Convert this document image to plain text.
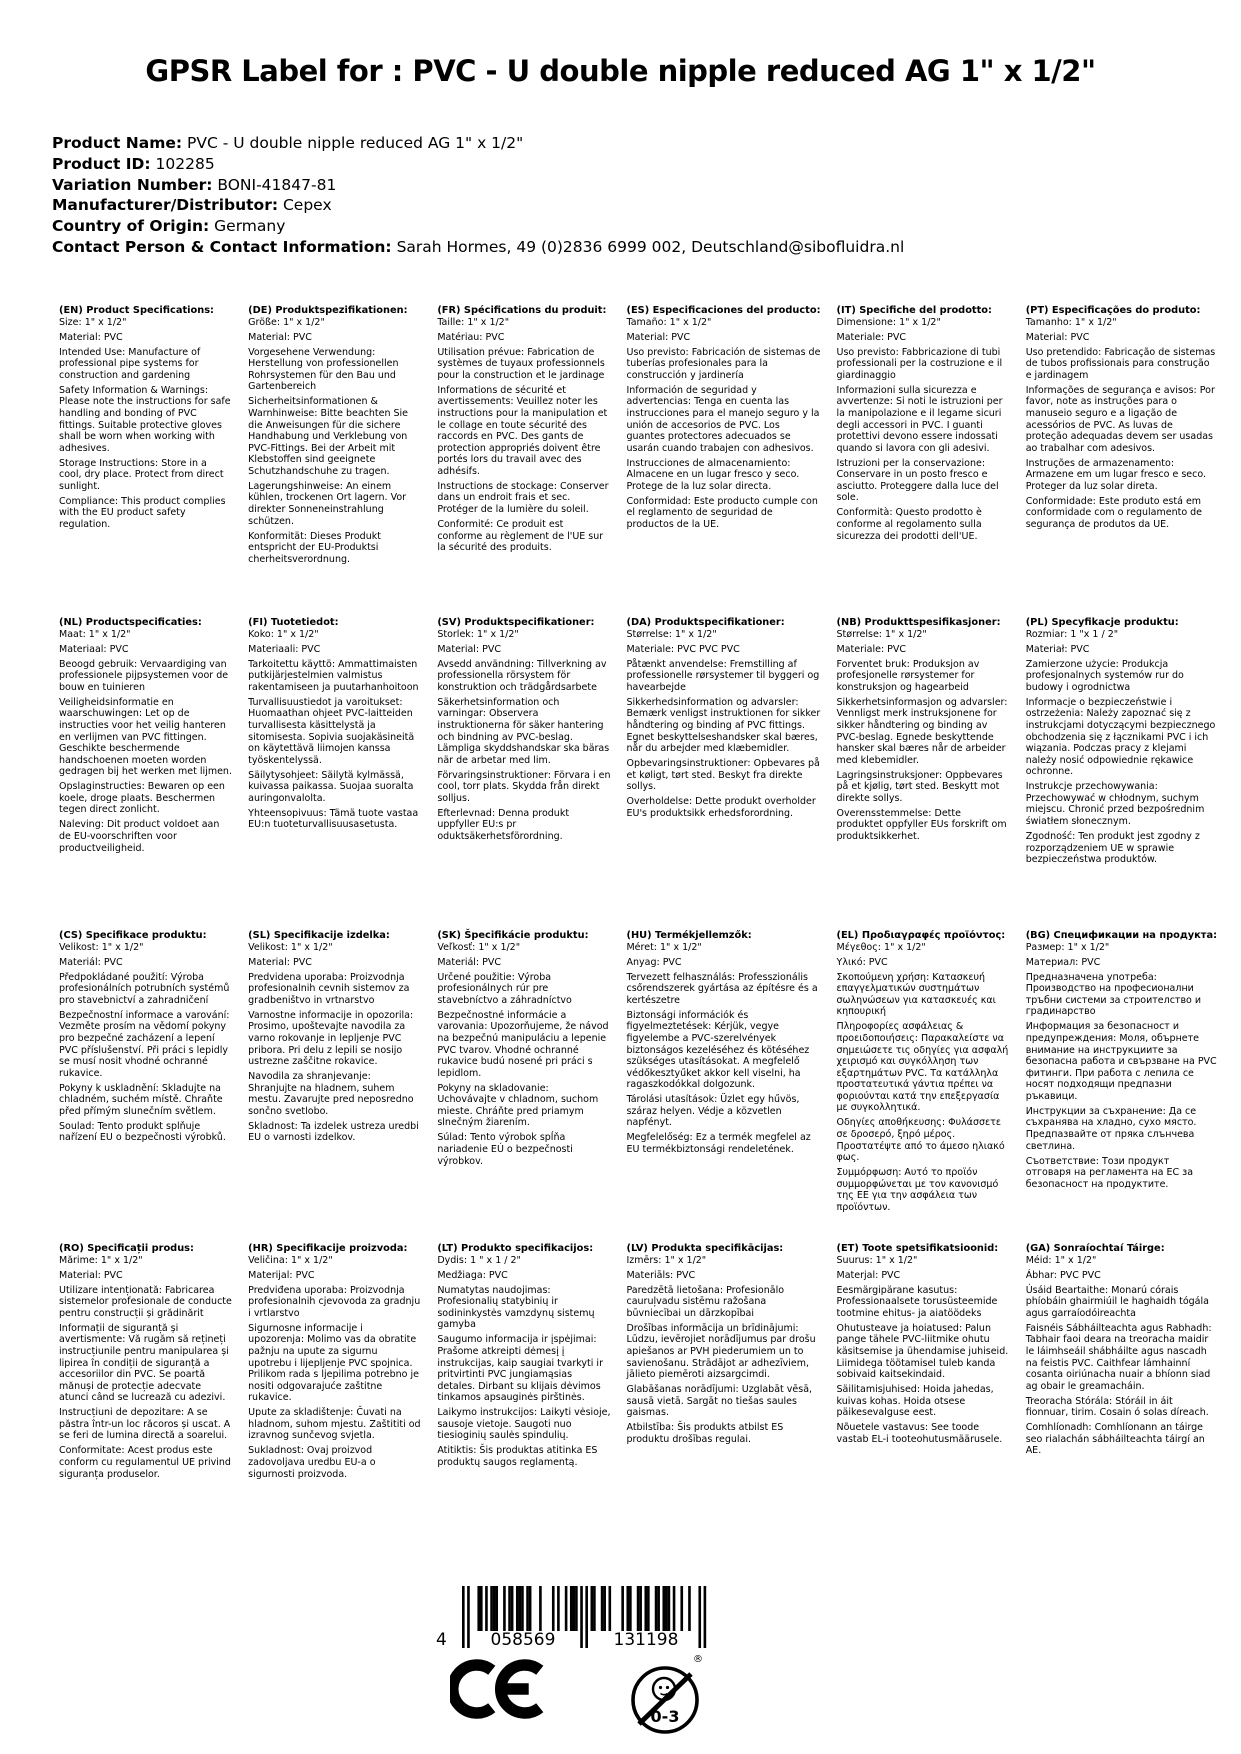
GPSR Label for : PVC - U double nipple reduced AG 1" x 1/2"
Product Name: PVC - U double nipple reduced AG 1" x 1/2"
Product ID: 102285
Variation Number: BONI-41847-81
Manufacturer/Distributor: Cepex
Country of Origin: Germany
Contact Person & Contact Information: Sarah Hormes, 49 (0)2836 6999 002, Deutschland@sibofluidra.nl
(EN) Product Specifications:

Size: 1" x 1/2"

Material: PVC

Intended Use: Manufacture of professional pipe systems for construction and gardening

Safety Information & Warnings: Please note the instructions for safe handling and bonding of PVC fittings. Suitable protective gloves shall be worn when working with adhesives.

Storage Instructions: Store in a cool, dry place. Protect from direct sunlight.

Compliance: This product complies with the EU product safety regulation.

(DE) Produktspezifikationen:

Größe: 1" x 1/2"

Material: PVC

Vorgesehene Verwendung: Herstellung von professionellen Rohrsystemen für den Bau und Gartenbereich

Sicherheitsinformationen & Warnhinweise: Bitte beachten Sie die Anweisungen für die sichere Handhabung und Verklebung von PVC-Fittings. Bei der Arbeit mit Klebstoffen sind geeignete Schutzhandschuhe zu tragen.

Lagerungshinweise: An einem kühlen, trockenen Ort lagern. Vor direkter Sonneneinstrahlung schützen.

Konformität: Dieses Produkt entspricht der EU-Produktsi cherheitsverordnung.

(FR) Spécifications du produit:

Taille: 1" x 1/2"

Matériau: PVC

Utilisation prévue: Fabrication de systèmes de tuyaux professionnels pour la construction et le jardinage

Informations de sécurité et avertissements: Veuillez noter les instructions pour la manipulation et le collage en toute sécurité des raccords en PVC. Des gants de protection appropriés doivent être portés lors du travail avec des adhésifs.

Instructions de stockage: Conserver dans un endroit frais et sec. Protéger de la lumière du soleil.

Conformité: Ce produit est conforme au règlement de l'UE sur la sécurité des produits.

(ES) Especificaciones del producto:

Tamaño: 1" x 1/2"

Material: PVC

Uso previsto: Fabricación de sistemas de tuberías profesionales para la construcción y jardinería

Información de seguridad y advertencias: Tenga en cuenta las instrucciones para el manejo seguro y la unión de accesorios de PVC. Los guantes protectores adecuados se usarán cuando trabajen con adhesivos.

Instrucciones de almacenamiento: Almacene en un lugar fresco y seco. Protege de la luz solar directa.

Conformidad: Este producto cumple con el reglamento de seguridad de productos de la UE.

(IT) Specifiche del prodotto:

Dimensione: 1" x 1/2"

Materiale: PVC

Uso previsto: Fabbricazione di tubi professionali per la costruzione e il giardinaggio

Informazioni sulla sicurezza e avvertenze: Si noti le istruzioni per la manipolazione e il legame sicuri degli accessori in PVC. I guanti protettivi devono essere indossati quando si lavora con gli adesivi.

Istruzioni per la conservazione: Conservare in un posto fresco e asciutto. Proteggere dalla luce del sole.

Conformità: Questo prodotto è conforme al regolamento sulla sicurezza dei prodotti dell'UE.

(PT) Especificações do produto:

Tamanho: 1" x 1/2"

Material: PVC

Uso pretendido: Fabricação de sistemas de tubos profissionais para construção e jardinagem

Informações de segurança e avisos: Por favor, note as instruções para o manuseio seguro e a ligação de acessórios de PVC. As luvas de proteção adequadas devem ser usadas ao trabalhar com adesivos.

Instruções de armazenamento: Armazene em um lugar fresco e seco. Proteger da luz solar direta.

Conformidade: Este produto está em conformidade com o regulamento de segurança de produtos da UE.

(NL) Productspecificaties:

Maat: 1" x 1/2"

Materiaal: PVC

Beoogd gebruik: Vervaardiging van professionele pijpsystemen voor de bouw en tuinieren

Veiligheidsinformatie en waarschuwingen: Let op de instructies voor het veilig hanteren en verlijmen van PVC fittingen. Geschikte beschermende handschoenen moeten worden gedragen bij het werken met lijmen.

Opslaginstructies: Bewaren op een koele, droge plaats. Beschermen tegen direct zonlicht.

Naleving: Dit product voldoet aan de EU-voorschriften voor productveiligheid.

(FI) Tuotetiedot:

Koko: 1" x 1/2"

Materiaali: PVC

Tarkoitettu käyttö: Ammattimaisten putkijärjestelmien valmistus rakentamiseen ja puutarhanhoitoon

Turvallisuustiedot ja varoitukset: Huomaathan ohjeet PVC-laitteiden turvallisesta käsittelystä ja sitomisesta. Sopivia suojakäsineitä on käytettävä liimojen kanssa työskentelyssä.

Säilytysohjeet: Säilytä kylmässä, kuivassa paikassa. Suojaa suoralta auringonvalolta.

Yhteensopivuus: Tämä tuote vastaa EU:n tuoteturvallisuusasetusta.

(SV) Produktspecifikationer:

Storlek: 1" x 1/2"

Material: PVC

Avsedd användning: Tillverkning av professionella rörsystem för konstruktion och trädgårdsarbete

Säkerhetsinformation och varningar: Observera instruktionerna för säker hantering och bindning av PVC-beslag. Lämpliga skyddshandskar ska bäras när de arbetar med lim.

Förvaringsinstruktioner: Förvara i en cool, torr plats. Skydda från direkt solljus.

Efterlevnad: Denna produkt uppfyller EU:s pr oduktsäkerhetsförordning.

(DA) Produktspecifikationer:

Størrelse: 1" x 1/2"

Materiale: PVC PVC PVC

Påtænkt anvendelse: Fremstilling af professionelle rørsystemer til byggeri og havearbejde

Sikkerhedsinformation og advarsler: Bemærk venligst instruktionen for sikker håndtering og binding af PVC fittings. Egnet beskyttelseshandsker skal bæres, når du arbejder med klæbemidler.

Opbevaringsinstruktioner: Opbevares på et køligt, tørt sted. Beskyt fra direkte sollys.

Overholdelse: Dette produkt overholder EU's produktsikk erhedsforordning.

(NB) Produkttspesifikasjoner:

Størrelse: 1" x 1/2"

Materiale: PVC

Forventet bruk: Produksjon av profesjonelle rørsystemer for konstruksjon og hagearbeid

Sikkerhetsinformasjon og advarsler: Vennligst merk instruksjonene for sikker håndtering og binding av PVC-beslag. Egnede beskyttende hansker skal bæres når de arbeider med klebemidler.

Lagringsinstruksjoner: Oppbevares på et kjølig, tørt sted. Beskytt mot direkte sollys.

Overensstemmelse: Dette produktet oppfyller EUs forskrift om produktsikkerhet.

(PL) Specyfikacje produktu:

Rozmiar: 1 "x 1 / 2"

Materiał: PVC

Zamierzone użycie: Produkcja profesjonalnych systemów rur do budowy i ogrodnictwa

Informacje o bezpieczeństwie i ostrzeżenia: Należy zapoznać się z instrukcjami dotyczącymi bezpiecznego obchodzenia się z łącznikami PVC i ich wiązania. Podczas pracy z klejami należy nosić odpowiednie rękawice ochronne.

Instrukcje przechowywania: Przechowywać w chłodnym, suchym miejscu. Chronić przed bezpośrednim światłem słonecznym.

Zgodność: Ten produkt jest zgodny z rozporządzeniem UE w sprawie bezpieczeństwa produktów.

(CS) Specifikace produktu:

Velikost: 1" x 1/2"

Materiál: PVC

Předpokládané použití: Výroba profesionálních potrubních systémů pro stavebnictví a zahradničení

Bezpečnostní informace a varování: Vezměte prosím na vědomí pokyny pro bezpečné zacházení a lepení PVC příslušenství. Při práci s lepidly se musí nosit vhodné ochranné rukavice.

Pokyny k uskladnění: Skladujte na chladném, suchém místě. Chraňte před přímým slunečním světlem.

Soulad: Tento produkt splňuje nařízení EU o bezpečnosti výrobků.

(SL) Specifikacije izdelka:

Velikost: 1" x 1/2"

Material: PVC

Predvidena uporaba: Proizvodnja profesionalnih cevnih sistemov za gradbeništvo in vrtnarstvo

Varnostne informacije in opozorila: Prosimo, upoštevajte navodila za varno rokovanje in lepljenje PVC pribora. Pri delu z lepili se nosijo ustrezne zaščitne rokavice.

Navodila za shranjevanje: Shranjujte na hladnem, suhem mestu. Zavarujte pred neposredno sončno svetlobo.

Skladnost: Ta izdelek ustreza uredbi EU o varnosti izdelkov.

(SK) Špecifikácie produktu:

Veľkosť: 1" x 1/2"

Materiál: PVC

Určené použitie: Výroba profesionálnych rúr pre stavebníctvo a záhradníctvo

Bezpečnostné informácie a varovania: Upozorňujeme, že návod na bezpečnú manipuláciu a lepenie PVC tvarov. Vhodné ochranné rukavice budú nosené pri práci s lepidlom.

Pokyny na skladovanie: Uchovávajte v chladnom, suchom mieste. Chráňte pred priamym slnečným žiarením.

Súlad: Tento výrobok spĺňa nariadenie EÚ o bezpečnosti výrobkov.

(HU) Termékjellemzők:

Méret: 1" x 1/2"

Anyag: PVC

Tervezett felhasználás: Professzionális csőrendszerek gyártása az építésre és a kertészetre

Biztonsági információk és figyelmeztetések: Kérjük, vegye figyelembe a PVC-szerelvények biztonságos kezeléséhez és kötéséhez szükséges utasításokat. A megfelelő védőkesztyűket akkor kell viselni, ha ragaszkodókkal dolgozunk.

Tárolási utasítások: Üzlet egy hűvös, száraz helyen. Védje a közvetlen napfényt.

Megfelelőség: Ez a termék megfelel az EU termékbiztonsági rendeletének.

(EL) Προδιαγραφές προϊόντος:

Μέγεθος: 1" x 1/2"

Υλικό: PVC

Σκοπούμενη χρήση: Κατασκευή επαγγελματικών συστημάτων σωληνώσεων για κατασκευές και κηπουρική

Πληροφορίες ασφάλειας & προειδοποιήσεις: Παρακαλείστε να σημειώσετε τις οδηγίες για ασφαλή χειρισμό και συγκόλληση των εξαρτημάτων PVC. Τα κατάλληλα προστατευτικά γάντια πρέπει να φοριούνται κατά την επεξεργασία με συγκολλητικά.

Οδηγίες αποθήκευσης: Φυλάσσετε σε δροσερό, ξηρό μέρος. Προστατέψτε από το άμεσο ηλιακό φως.

Συμμόρφωση: Αυτό το προϊόν συμμορφώνεται με τον κανονισμό της ΕΕ για την ασφάλεια των προϊόντων.

(BG) Спецификации на продукта:

Размер: 1" x 1/2"

Материал: PVC

Предназначена употреба: Производство на професионални тръбни системи за строителство и градинарство

Информация за безопасност и предупреждения: Моля, обърнете внимание на инструкциите за безопасна работа и свързване на PVC фитинги. При работа с лепила се носят подходящи предпазни ръкавици.

Инструкции за съхранение: Да се съхранява на хладно, сухо място. Предпазвайте от пряка слънчева светлина.

Съответствие: Този продукт отговаря на регламента на ЕС за безопасност на продуктите.

(RO) Specificații produs:

Mărime: 1" x 1/2"

Material: PVC

Utilizare intenționată: Fabricarea sistemelor profesionale de conducte pentru construcții și grădinărit

Informații de siguranță și avertismente: Vă rugăm să rețineți instrucțiunile pentru manipularea și lipirea în condiții de siguranță a accesoriilor din PVC. Se poartă mănuși de protecție adecvate atunci când se lucrează cu adezivi.

Instrucțiuni de depozitare: A se păstra într-un loc răcoros și uscat. A se feri de lumina directă a soarelui.

Conformitate: Acest produs este conform cu regulamentul UE privind siguranța produselor.

(HR) Specifikacije proizvoda:

Veličina: 1" x 1/2"

Materijal: PVC

Predviđena uporaba: Proizvodnja profesionalnih cjevovoda za gradnju i vrtlarstvo

Sigurnosne informacije i upozorenja: Molimo vas da obratite pažnju na upute za sigurnu upotrebu i lijepljenje PVC spojnica. Prilikom rada s ljepilima potrebno je nositi odgovarajuće zaštitne rukavice.

Upute za skladištenje: Čuvati na hladnom, suhom mjestu. Zaštititi od izravnog sunčevog svjetla.

Sukladnost: Ovaj proizvod zadovoljava uredbu EU-a o sigurnosti proizvoda.

(LT) Produkto specifikacijos:

Dydis: 1 " x 1 / 2"

Medžiaga: PVC

Numatytas naudojimas: Profesionalių statybinių ir sodininkystės vamzdynų sistemų gamyba

Saugumo informacija ir įspėjimai: Prašome atkreipti dėmesį į instrukcijas, kaip saugiai tvarkyti ir pritvirtinti PVC jungiamąsias detales. Dirbant su klijais dėvimos tinkamos apsauginės pirštinės.

Laikymo instrukcijos: Laikyti vėsioje, sausoje vietoje. Saugoti nuo tiesioginių saulės spindulių.

Atitiktis: Šis produktas atitinka ES produktų saugos reglamentą.

(LV) Produkta specifikācijas:

Izmērs: 1" x 1/2"

Materiāls: PVC

Paredzētā lietošana: Profesionālo cauruļvadu sistēmu ražošana būvniecībai un dārzkopībai

Drošības informācija un brīdinājumi: Lūdzu, ievērojiet norādījumus par drošu apiešanos ar PVH piederumiem un to savienošanu. Strādājot ar adhezīviem, jālieto piemēroti aizsargcimdi.

Glabāšanas norādījumi: Uzglabāt vēsā, sausā vietā. Sargāt no tiešas saules gaismas.

Atbilstība: Šis produkts atbilst ES produktu drošības regulai.

(ET) Toote spetsifikatsioonid:

Suurus: 1" x 1/2"

Materjal: PVC

Eesmärgipärane kasutus: Professionaalsete torusüsteemide tootmine ehitus- ja aiatöödeks

Ohutusteave ja hoiatused: Palun pange tähele PVC-liitmike ohutu käsitsemise ja ühendamise juhiseid. Liimidega töötamisel tuleb kanda sobivaid kaitsekindaid.

Säilitamisjuhised: Hoida jahedas, kuivas kohas. Hoida otsese päikesevalguse eest.

Nõuetele vastavus: See toode vastab EL-i tooteohutusmäärusele.

(GA) Sonraíochtaí Táirge:

Méid: 1" x 1/2"

Ábhar: PVC PVC

Úsáid Beartaithe: Monarú córais phíobáin ghairmiúil le haghaidh tógála agus garraíodóireachta

Faisnéis Sábháilteachta agus Rabhadh: Tabhair faoi deara na treoracha maidir le láimhseáil shábháilte agus nascadh na feistis PVC. Caithfear lámhainní cosanta oiriúnacha nuair a bhíonn siad ag obair le greamacháin.

Treoracha Stórála: Stóráil in áit fionnuar, tirim. Cosain ó solas díreach.

Comhlíonadh: Comhlíonann an táirge seo rialachán sábháilteachta táirgí an AE.

4	058569	131198
®
0-3
